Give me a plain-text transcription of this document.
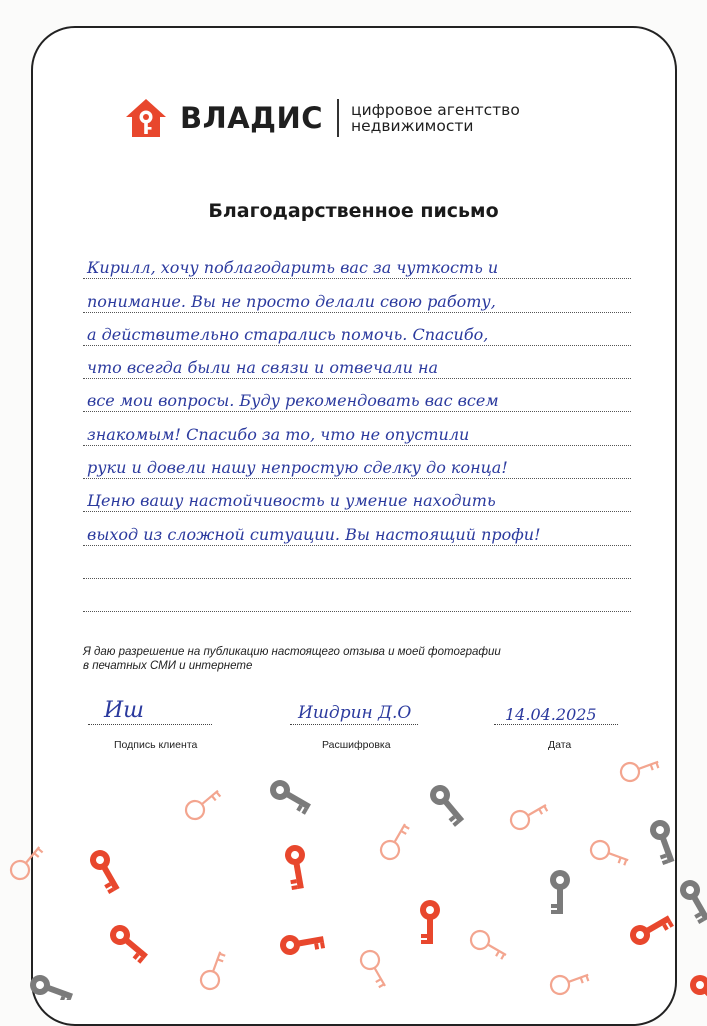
ВЛАДИС цифровое агентство
недвижимости
Благодарственное письмо
Кирилл, хочу поблагодарить вас за чуткость и
понимание. Вы не просто делали свою работу,
а действительно старались помочь. Спасибо,
что всегда были на связи и отвечали на
все мои вопросы. Буду рекомендовать вас всем
знакомым! Спасибо за то, что не опустили
руки и довели нашу непростую сделку до конца!
Ценю вашу настойчивость и умение находить
выход из сложной ситуации. Вы настоящий профи!
Я даю разрешение на публикацию настоящего отзыва и моей фотографии
в печатных СМИ и интернете
Иш
Подпись клиента
Ишдрин Д.О
Расшифровка
14.04.2025
Дата
